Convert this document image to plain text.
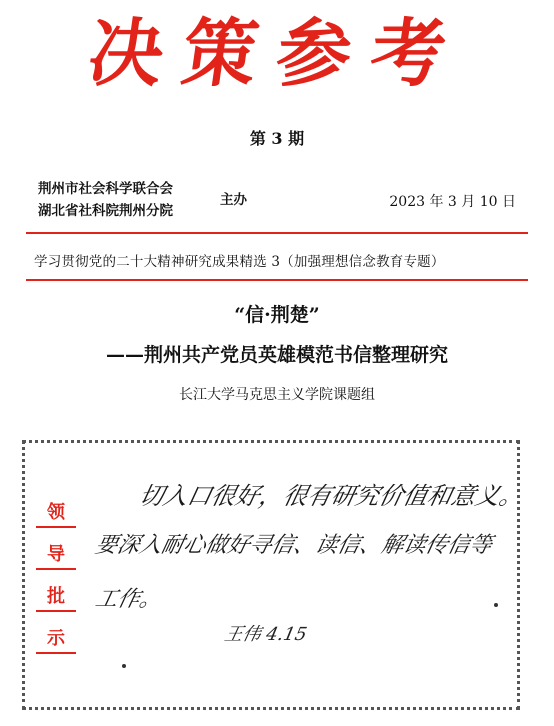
决策参考
第 3 期
荆州市社会科学联合会
湖北省社科院荆州分院
主办	2023 年 3 月 10 日
学习贯彻党的二十大精神研究成果精选 3（加强理想信念教育专题）
“信·荆楚”
——荆州共产党员英雄模范书信整理研究
长江大学马克思主义学院课题组
领
导
批
示
切入口很好，很有研究价值和意义。
要深入耐心做好寻信、读信、解读传信等
工作。
王伟 4.15
